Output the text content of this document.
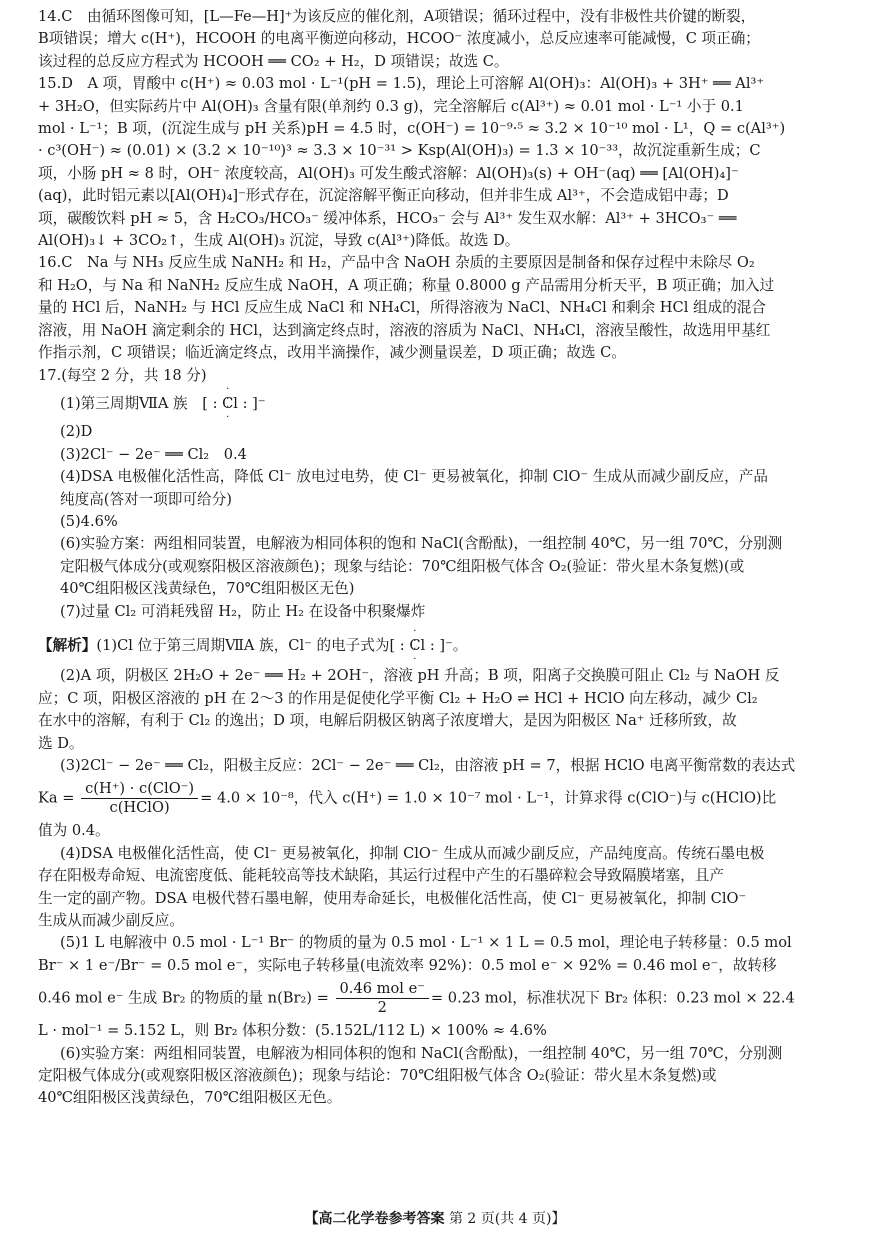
14.C　由循环图像可知，[L—Fe—H]⁺为该反应的催化剂，A项错误；循环过程中，没有非极性共价键的断裂，

B项错误；增大 c(H⁺)，HCOOH 的电离平衡逆向移动，HCOO⁻ 浓度减小，总反应速率可能减慢，C 项正确；

该过程的总反应方程式为 HCOOH ══ CO₂ + H₂，D 项错误；故选 C。

15.D　A 项，胃酸中 c(H⁺) ≈ 0.03 mol · L⁻¹(pH = 1.5)，理论上可溶解 Al(OH)₃：Al(OH)₃ + 3H⁺ ══ Al³⁺

+ 3H₂O，但实际药片中 Al(OH)₃ 含量有限(单剂约 0.3 g)，完全溶解后 c(Al³⁺) ≈ 0.01 mol · L⁻¹ 小于 0.1

mol · L⁻¹；B 项，(沉淀生成与 pH 关系)pH = 4.5 时，c(OH⁻) = 10⁻⁹·⁵ ≈ 3.2 × 10⁻¹⁰ mol · L¹，Q = c(Al³⁺)

· c³(OH⁻) ≈ (0.01) × (3.2 × 10⁻¹⁰)³ ≈ 3.3 × 10⁻³¹ > Ksp(Al(OH)₃) = 1.3 × 10⁻³³，故沉淀重新生成；C

项，小肠 pH ≈ 8 时，OH⁻ 浓度较高，Al(OH)₃ 可发生酸式溶解：Al(OH)₃(s) + OH⁻(aq) ══ [Al(OH)₄]⁻

(aq)，此时铝元素以[Al(OH)₄]⁻形式存在，沉淀溶解平衡正向移动，但并非生成 Al³⁺，不会造成铝中毒；D

项，碳酸饮料 pH ≈ 5，含 H₂CO₃/HCO₃⁻ 缓冲体系，HCO₃⁻ 会与 Al³⁺ 发生双水解：Al³⁺ + 3HCO₃⁻ ══

Al(OH)₃↓ + 3CO₂↑，生成 Al(OH)₃ 沉淀，导致 c(Al³⁺)降低。故选 D。

16.C　Na 与 NH₃ 反应生成 NaNH₂ 和 H₂，产品中含 NaOH 杂质的主要原因是制备和保存过程中未除尽 O₂

和 H₂O，与 Na 和 NaNH₂ 反应生成 NaOH，A 项正确；称量 0.8000 g 产品需用分析天平，B 项正确；加入过

量的 HCl 后，NaNH₂ 与 HCl 反应生成 NaCl 和 NH₄Cl，所得溶液为 NaCl、NH₄Cl 和剩余 HCl 组成的混合

溶液，用 NaOH 滴定剩余的 HCl，达到滴定终点时，溶液的溶质为 NaCl、NH₄Cl，溶液呈酸性，故选用甲基红

作指示剂，C 项错误；临近滴定终点，改用半滴操作，减少测量误差，D 项正确；故选 C。

17.(每空 2 分，共 18 分)

(1)第三周期ⅦA 族　[ : ·· Cl ·· : ]⁻

(2)D

(3)2Cl⁻ − 2e⁻ ══ Cl₂　0.4

(4)DSA 电极催化活性高，降低 Cl⁻ 放电过电势，使 Cl⁻ 更易被氧化，抑制 ClO⁻ 生成从而减少副反应，产品

纯度高(答对一项即可给分)

(5)4.6%

(6)实验方案：两组相同装置，电解液为相同体积的饱和 NaCl(含酚酞)，一组控制 40℃，另一组 70℃，分别测

定阳极气体成分(或观察阳极区溶液颜色)；现象与结论：70℃组阳极气体含 O₂(验证：带火星木条复燃)(或

40℃组阳极区浅黄绿色，70℃组阳极区无色)

(7)过量 Cl₂ 可消耗残留 H₂，防止 H₂ 在设备中积聚爆炸

【解析】(1)Cl 位于第三周期ⅦA 族，Cl⁻ 的电子式为[ : ·· Cl ·· : ]⁻。

(2)A 项，阴极区 2H₂O + 2e⁻ ══ H₂ + 2OH⁻，溶液 pH 升高；B 项，阳离子交换膜可阻止 Cl₂ 与 NaOH 反

应；C 项，阳极区溶液的 pH 在 2～3 的作用是促使化学平衡 Cl₂ + H₂O ⇌ HCl + HClO 向左移动，减少 Cl₂

在水中的溶解，有利于 Cl₂ 的逸出；D 项，电解后阴极区钠离子浓度增大，是因为阳极区 Na⁺ 迁移所致，故

选 D。

(3)2Cl⁻ − 2e⁻ ══ Cl₂，阳极主反应：2Cl⁻ − 2e⁻ ══ Cl₂，由溶液 pH = 7，根据 HClO 电离平衡常数的表达式

$Ka = \frac{\text{c(H⁺) · c(ClO⁻)}}{\text{c(HClO)}} = 4.0 \times 10^{-8}$，代入 c(H⁺) = 1.0 × 10⁻⁷ mol · L⁻¹，计算求得 c(ClO⁻)与 c(HClO)比

值为 0.4。

(4)DSA 电极催化活性高，使 Cl⁻ 更易被氧化，抑制 ClO⁻ 生成从而减少副反应，产品纯度高。传统石墨电极

存在阳极寿命短、电流密度低、能耗较高等技术缺陷，其运行过程中产生的石墨碎粒会导致隔膜堵塞，且产

生一定的副产物。DSA 电极代替石墨电解，使用寿命延长，电极催化活性高，使 Cl⁻ 更易被氧化，抑制 ClO⁻

生成从而减少副反应。

(5)1 L 电解液中 0.5 mol · L⁻¹ Br⁻ 的物质的量为 0.5 mol · L⁻¹ × 1 L = 0.5 mol，理论电子转移量：0.5 mol

Br⁻ × 1 e⁻/Br⁻ = 0.5 mol e⁻，实际电子转移量(电流效率 92%)：0.5 mol e⁻ × 92% = 0.46 mol e⁻，故转移

0.46 mol e⁻ 生成 Br₂ 的物质的量 $n(Br_2) = \frac{\text{0.46 mol e⁻}}{2} = 0.23$ mol，标准状况下 Br₂ 体积：0.23 mol × 22.4

L · mol⁻¹ = 5.152 L，则 Br₂ 体积分数：(5.152L/112 L) × 100% ≈ 4.6%

(6)实验方案：两组相同装置，电解液为相同体积的饱和 NaCl(含酚酞)，一组控制 40℃，另一组 70℃，分别测

定阳极气体成分(或观察阳极区溶液颜色)；现象与结论：70℃组阳极气体含 O₂(验证：带火星木条复燃)或

40℃组阳极区浅黄绿色，70℃组阳极区无色。

【高二化学卷参考答案 第 2 页(共 4 页)】
